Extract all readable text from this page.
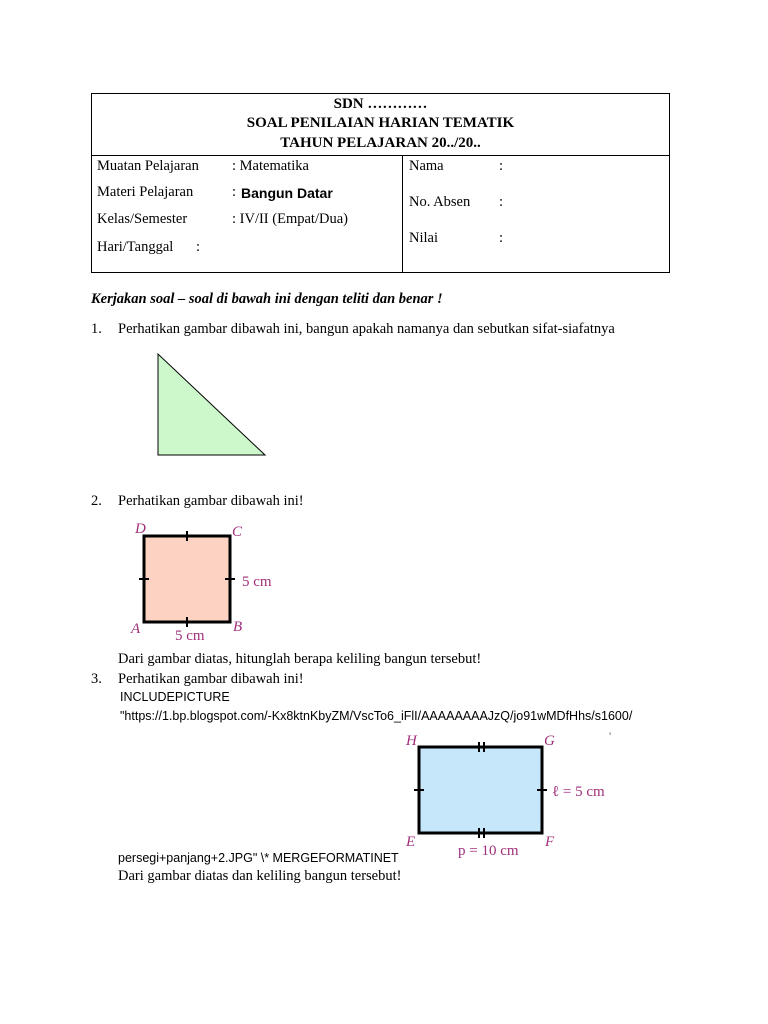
SDN …………
SOAL PENILAIAN HARIAN TEMATIK
TAHUN PELAJARAN 20../20..
Muatan Pelajaran : Matematika
Materi Pelajaran	: Bangun Datar
Kelas/Semester	: IV/II (Empat/Dua)
Hari/Tanggal :
Nama	:
No. Absen :
Nilai	:
Kerjakan soal – soal di bawah ini dengan teliti dan benar !
1. Perhatikan gambar dibawah ini, bangun apakah namanya dan sebutkan sifat-siafatnya
2. Perhatikan gambar dibawah ini!
D	C
A	B
5 cm
5 cm
Dari gambar diatas, hitunglah berapa keliling bangun tersebut!
3. Perhatikan gambar dibawah ini!
INCLUDEPICTURE
"https://1.bp.blogspot.com/-Kx8ktnKbyZM/VscTo6_iFlI/AAAAAAAAJzQ/jo91wMDfHhs/s1600/
H	G
E	F
ℓ = 5 cm
p = 10 cm
'
persegi+panjang+2.JPG" \* MERGEFORMATINET
Dari gambar diatas dan keliling bangun tersebut!
